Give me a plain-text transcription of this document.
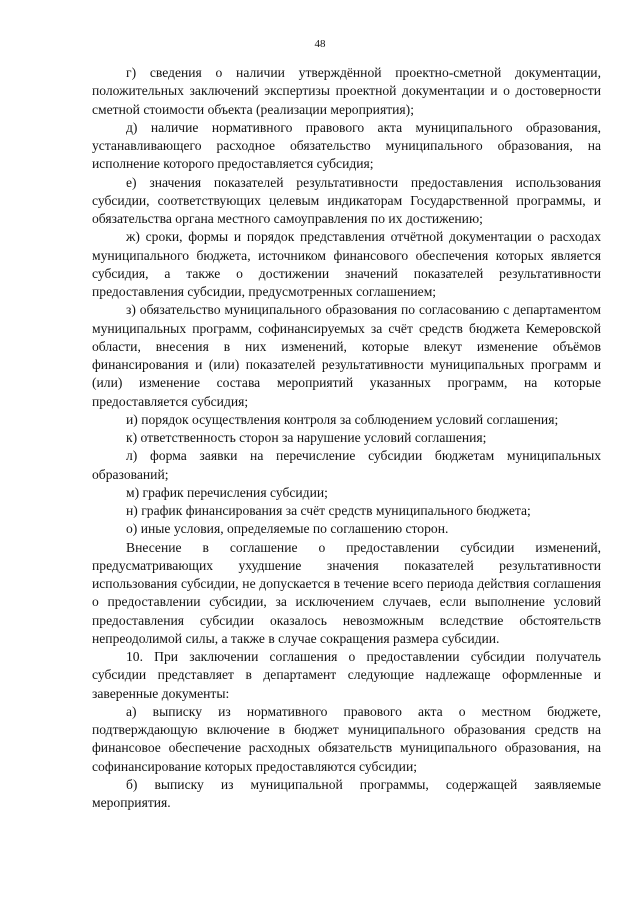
48

г) сведения о наличии утверждённой проектно-сметной документации, положительных заключений экспертизы проектной документации и о достоверности сметной стоимости объекта (реализации мероприятия);

д) наличие нормативного правового акта муниципального образования, устанавливающего расходное обязательство муниципального образования, на исполнение которого предоставляется субсидия;

е) значения показателей результативности предоставления использования субсидии, соответствующих целевым индикаторам Государственной программы, и обязательства органа местного самоуправления по их достижению;

ж) сроки, формы и порядок представления отчётной документации о расходах муниципального бюджета, источником финансового обеспечения которых является субсидия, а также о достижении значений показателей результативности предоставления субсидии, предусмотренных соглашением;

з) обязательство муниципального образования по согласованию с департаментом муниципальных программ, софинансируемых за счёт средств бюджета Кемеровской области, внесения в них изменений, которые влекут изменение объёмов финансирования и (или) показателей результативности муниципальных программ и (или) изменение состава мероприятий указанных программ, на которые предоставляется субсидия;

и) порядок осуществления контроля за соблюдением условий соглашения;

к) ответственность сторон за нарушение условий соглашения;

л) форма заявки на перечисление субсидии бюджетам муниципальных образований;

м) график перечисления субсидии;

н) график финансирования за счёт средств муниципального бюджета;

о) иные условия, определяемые по соглашению сторон.

Внесение в соглашение о предоставлении субсидии изменений, предусматривающих ухудшение значения показателей результативности использования субсидии, не допускается в течение всего периода действия соглашения о предоставлении субсидии, за исключением случаев, если выполнение условий предоставления субсидии оказалось невозможным вследствие обстоятельств непреодолимой силы, а также в случае сокращения размера субсидии.

10. При заключении соглашения о предоставлении субсидии получатель субсидии представляет в департамент следующие надлежаще оформленные и заверенные документы:

а) выписку из нормативного правового акта о местном бюджете, подтверждающую включение в бюджет муниципального образования средств на финансовое обеспечение расходных обязательств муниципального образования, на софинансирование которых предоставляются субсидии;

б) выписку из муниципальной программы, содержащей заявляемые мероприятия.
